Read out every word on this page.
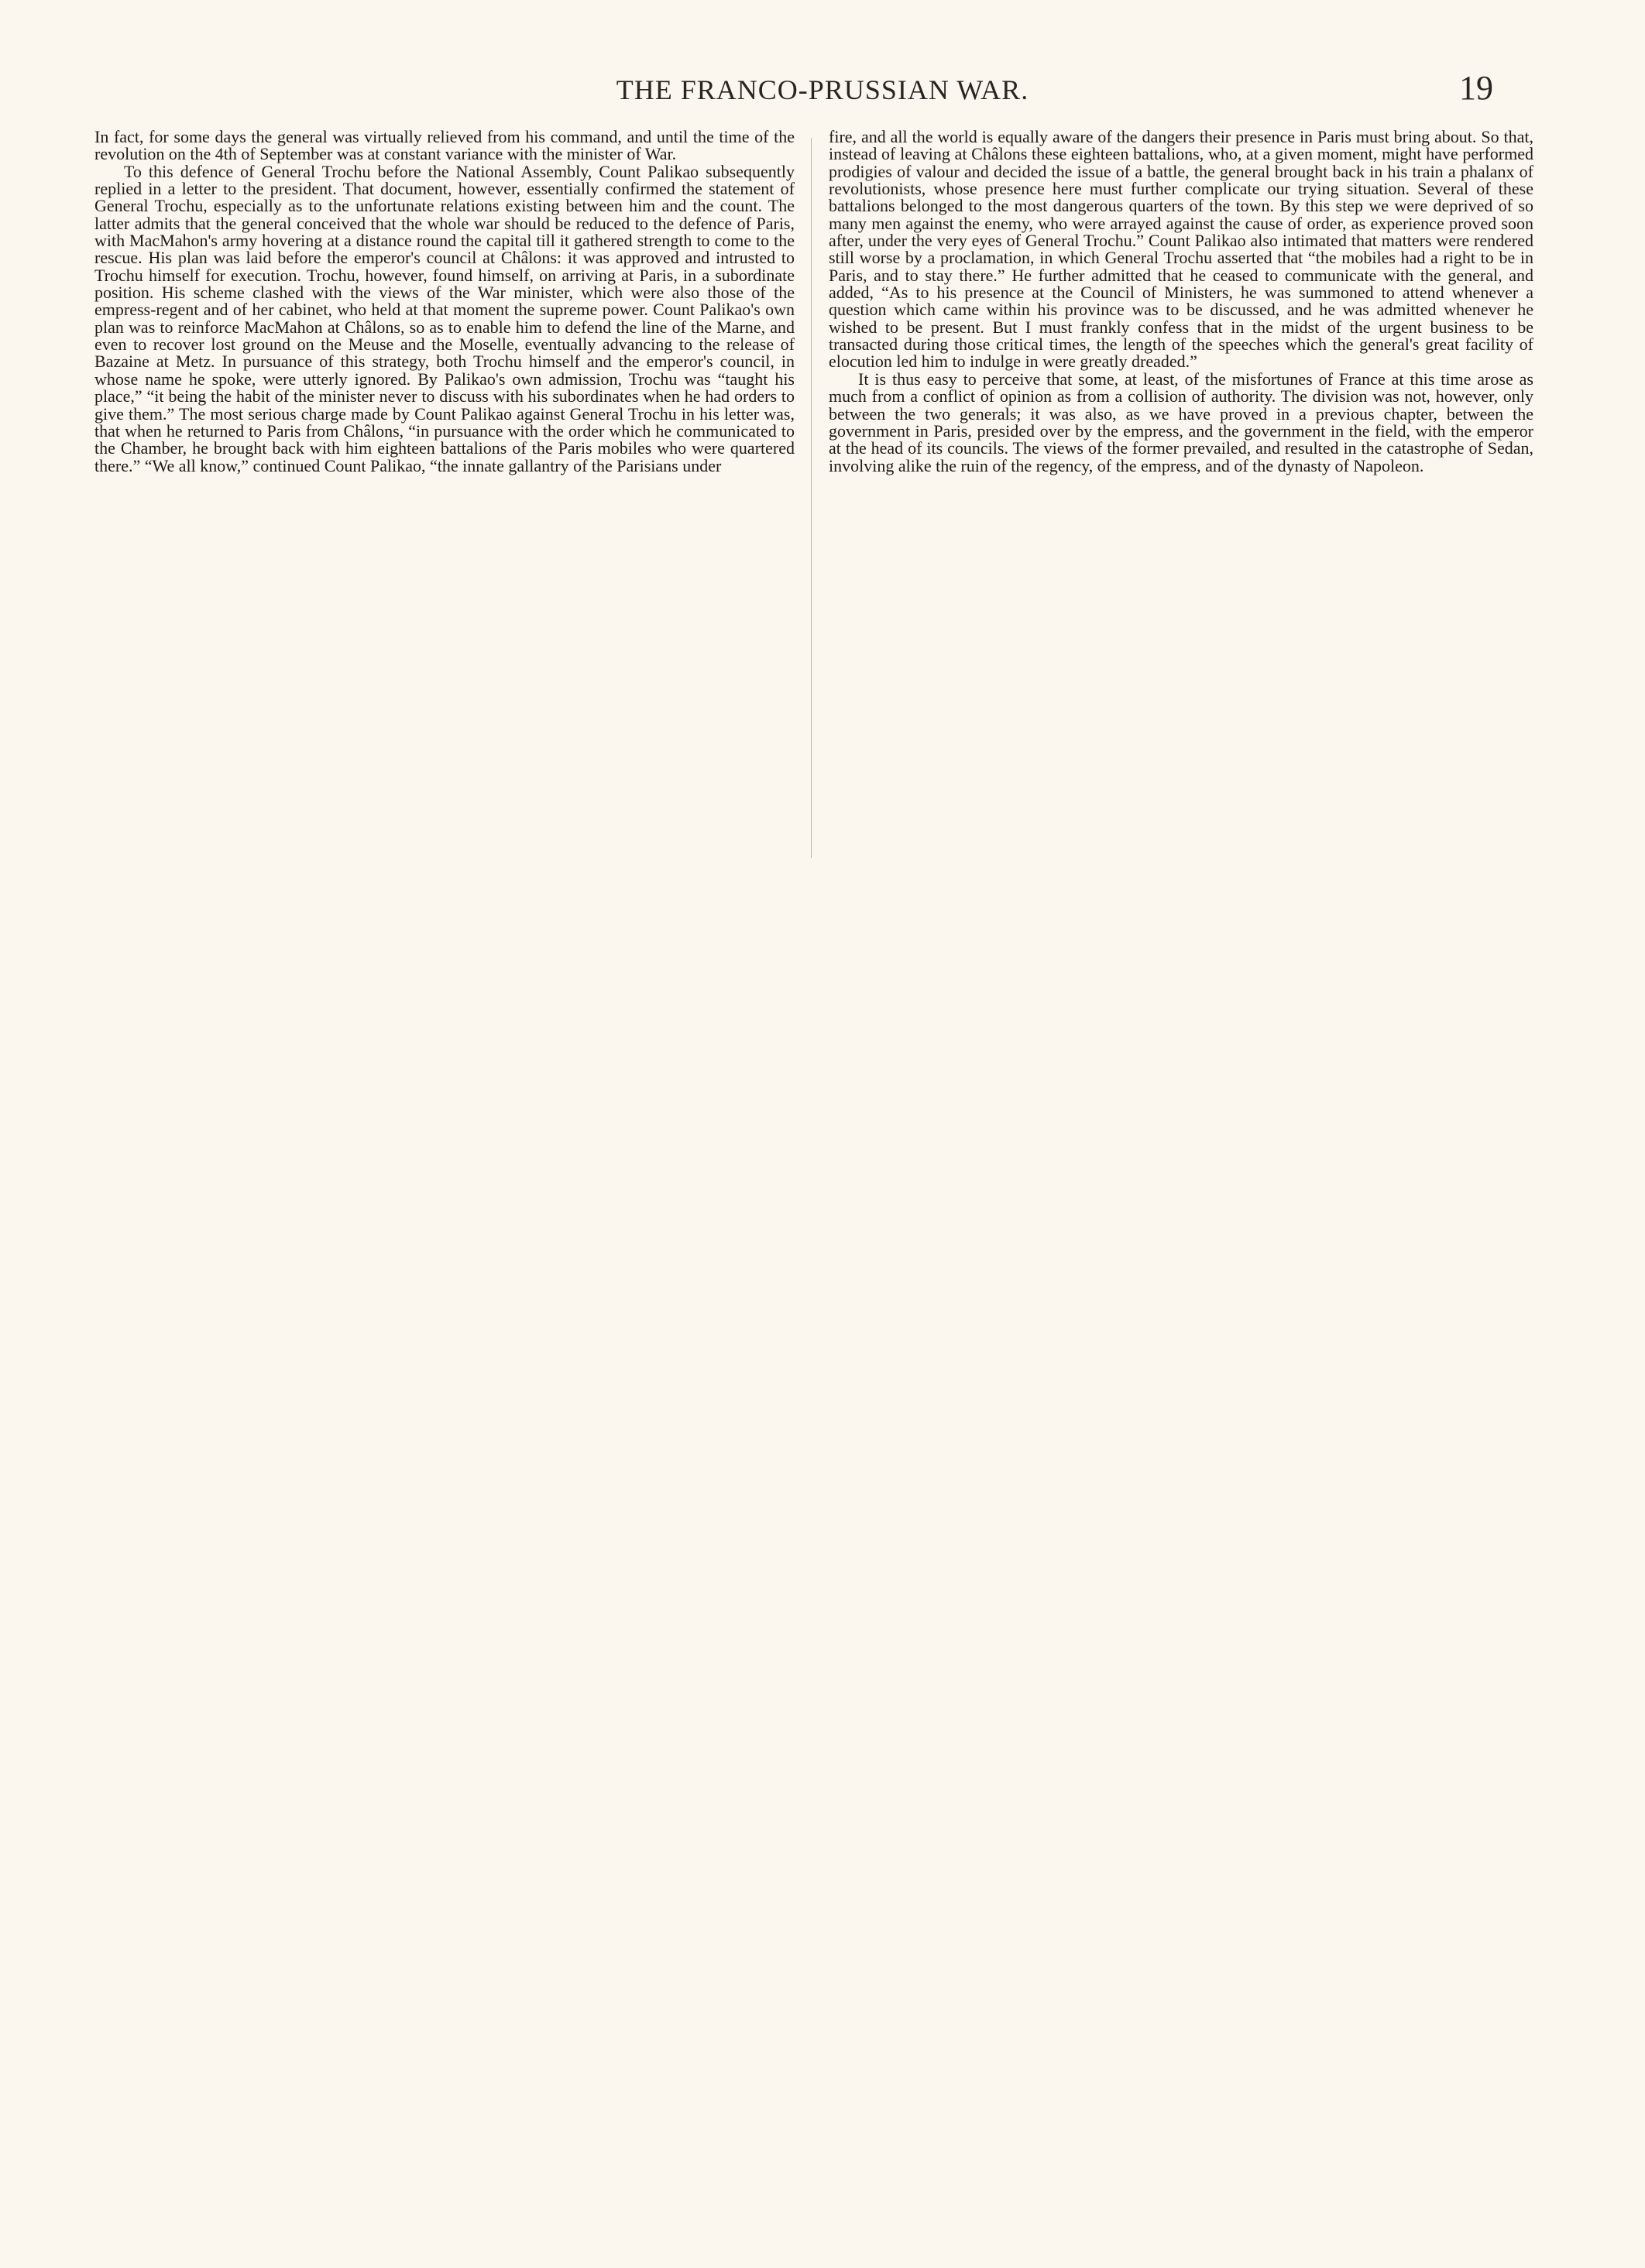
THE FRANCO-PRUSSIAN WAR.	19

In fact, for some days the general was virtually relieved from his command, and until the time of the revolution on the 4th of September was at constant variance with the minister of War.

To this defence of General Trochu before the National Assembly, Count Palikao subsequently replied in a letter to the president. That document, however, essentially confirmed the statement of General Trochu, especially as to the unfortunate relations existing between him and the count. The latter admits that the general conceived that the whole war should be reduced to the defence of Paris, with MacMahon's army hovering at a distance round the capital till it gathered strength to come to the rescue. His plan was laid before the emperor's council at Châlons: it was approved and intrusted to Trochu himself for execution. Trochu, however, found himself, on arriving at Paris, in a subordinate position. His scheme clashed with the views of the War minister, which were also those of the empress-regent and of her cabinet, who held at that moment the supreme power. Count Palikao's own plan was to reinforce MacMahon at Châlons, so as to enable him to defend the line of the Marne, and even to recover lost ground on the Meuse and the Moselle, eventually advancing to the release of Bazaine at Metz. In pursuance of this strategy, both Trochu himself and the emperor's council, in whose name he spoke, were utterly ignored. By Palikao's own admission, Trochu was “taught his place,” “it being the habit of the minister never to discuss with his subordinates when he had orders to give them.” The most serious charge made by Count Palikao against General Trochu in his letter was, that when he returned to Paris from Châlons, “in pursuance with the order which he communicated to the Chamber, he brought back with him eighteen battalions of the Paris mobiles who were quartered there.” “We all know,” continued Count Palikao, “the innate gallantry of the Parisians under

fire, and all the world is equally aware of the dangers their presence in Paris must bring about. So that, instead of leaving at Châlons these eighteen battalions, who, at a given moment, might have performed prodigies of valour and decided the issue of a battle, the general brought back in his train a phalanx of revolutionists, whose presence here must further complicate our trying situation. Several of these battalions belonged to the most dangerous quarters of the town. By this step we were deprived of so many men against the enemy, who were arrayed against the cause of order, as experience proved soon after, under the very eyes of General Trochu.” Count Palikao also intimated that matters were rendered still worse by a proclamation, in which General Trochu asserted that “the mobiles had a right to be in Paris, and to stay there.” He further admitted that he ceased to communicate with the general, and added, “As to his presence at the Council of Ministers, he was summoned to attend whenever a question which came within his province was to be discussed, and he was admitted whenever he wished to be present. But I must frankly confess that in the midst of the urgent business to be transacted during those critical times, the length of the speeches which the general's great facility of elocution led him to indulge in were greatly dreaded.”

It is thus easy to perceive that some, at least, of the misfortunes of France at this time arose as much from a conflict of opinion as from a collision of authority. The division was not, however, only between the two generals; it was also, as we have proved in a previous chapter, between the government in Paris, presided over by the empress, and the government in the field, with the emperor at the head of its councils. The views of the former prevailed, and resulted in the catastrophe of Sedan, involving alike the ruin of the regency, of the empress, and of the dynasty of Napoleon.
